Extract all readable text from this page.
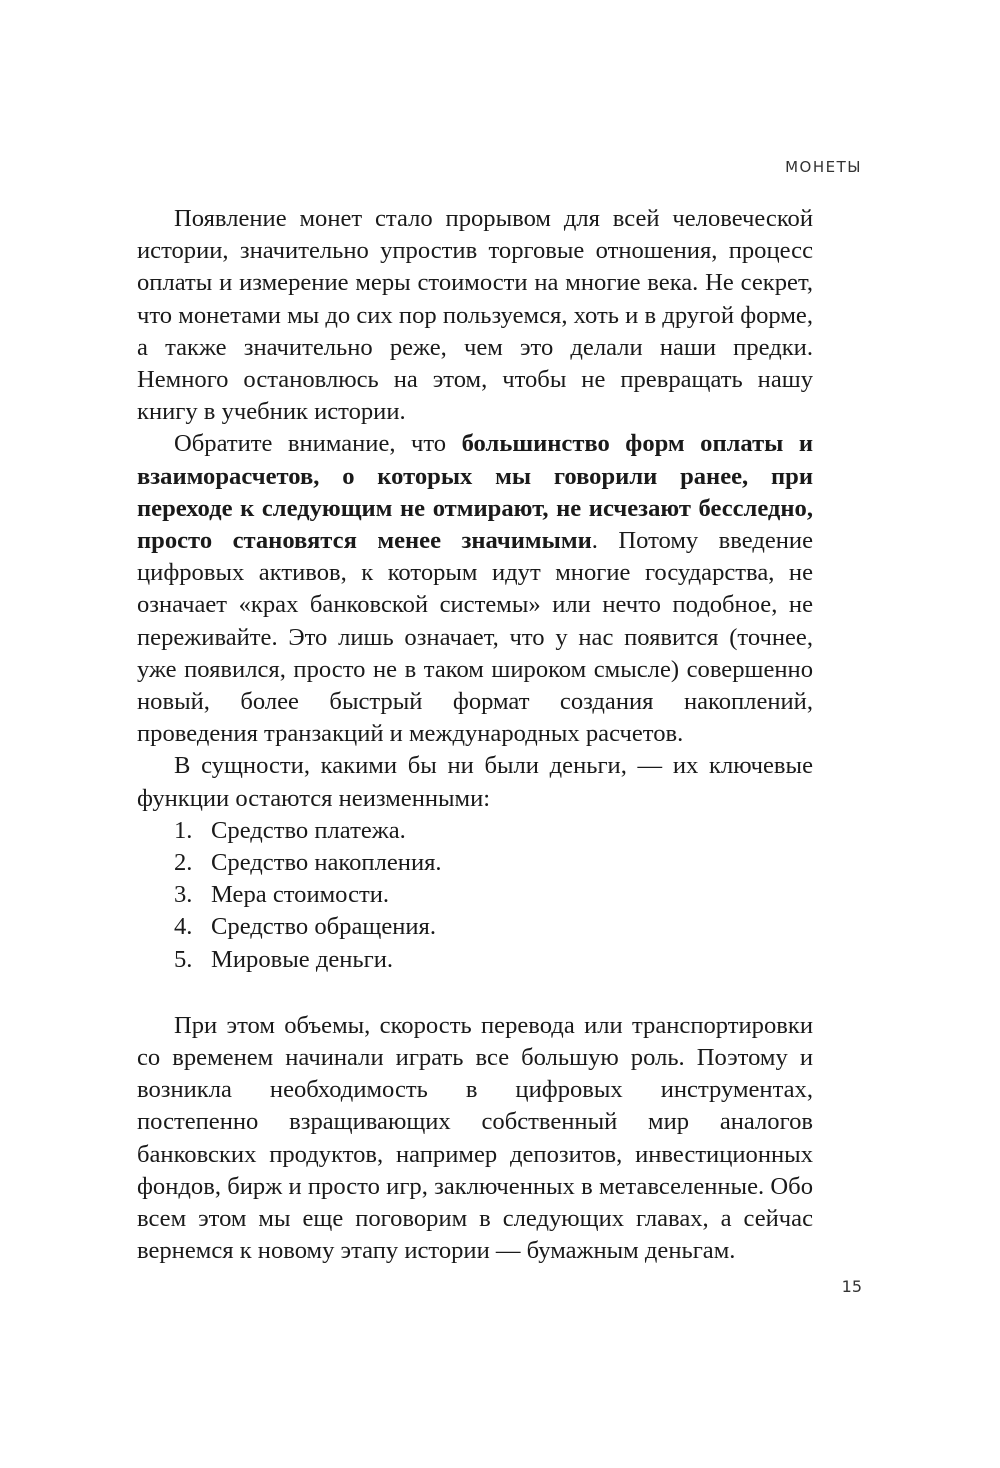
МОНЕТЫ

Появление монет стало прорывом для всей человеческой истории, значительно упростив торговые отношения, процесс оплаты и измерение меры стоимости на многие века. Не секрет, что монетами мы до сих пор пользуемся, хоть и в другой форме, а также значительно реже, чем это делали наши предки. Немного остановлюсь на этом, чтобы не превращать нашу книгу в учебник истории.

Обратите внимание, что большинство форм оплаты и взаиморасчетов, о которых мы говорили ранее, при переходе к следующим не отмирают, не исчезают бесследно, просто становятся менее значимыми. Потому введение цифровых активов, к которым идут многие государства, не означает «крах банковской системы» или нечто подобное, не переживайте. Это лишь означает, что у нас появится (точнее, уже появился, просто не в таком широком смысле) совершенно новый, более быстрый формат создания накоплений, проведения транзакций и международных расчетов.

В сущности, какими бы ни были деньги, — их ключевые функции остаются неизменными:

1. Средство платежа.
2. Средство накопления.
3. Мера стоимости.
4. Средство обращения.
5. Мировые деньги.

При этом объемы, скорость перевода или транспортировки со временем начинали играть все большую роль. Поэтому и возникла необходимость в цифровых инструментах, постепенно взращивающих собственный мир аналогов банковских продуктов, например депозитов, инвестиционных фондов, бирж и просто игр, заключенных в метавселенные. Обо всем этом мы еще поговорим в следующих главах, а сейчас вернемся к новому этапу истории — бумажным деньгам.

15
